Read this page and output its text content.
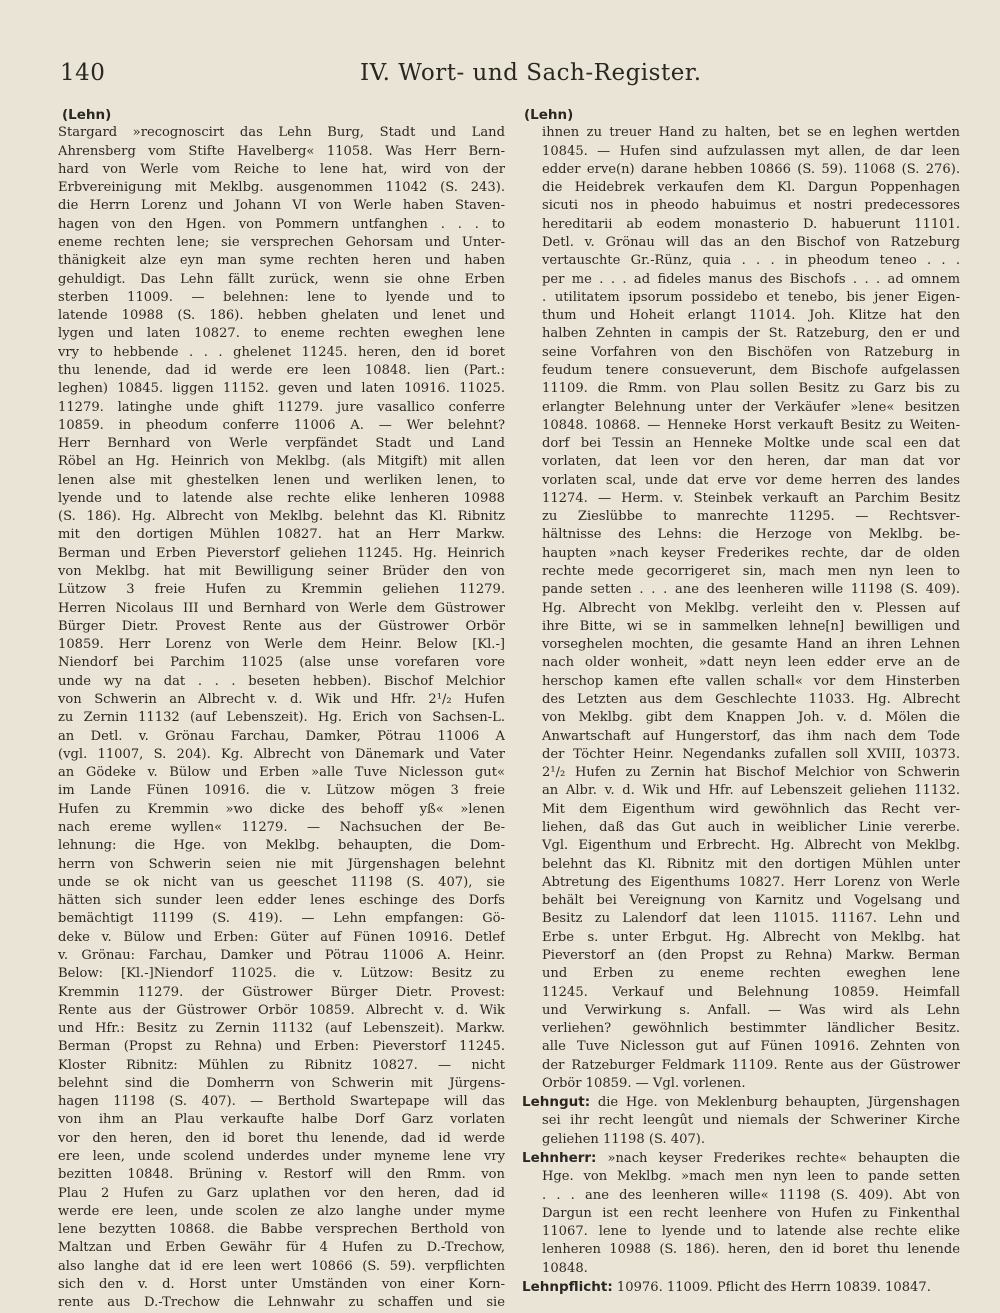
140	IV. Wort- und Sach-Register.
(Lehn)
Stargard »recognoscirt das Lehn Burg, Stadt und Land
Ahrensberg vom Stifte Havelberg« 11058. Was Herr Bern-
hard von Werle vom Reiche to lene hat, wird von der
Erbvereinigung mit Meklbg. ausgenommen 11042 (S. 243).
die Herrn Lorenz und Johann VI von Werle haben Staven-
hagen von den Hgen. von Pommern untfanghen . . . to
eneme rechten lene; sie versprechen Gehorsam und Unter-
thänigkeit alze eyn man syme rechten heren und haben
gehuldigt. Das Lehn fällt zurück, wenn sie ohne Erben
sterben 11009. — belehnen: lene to lyende und to
latende 10988 (S. 186). hebben ghelaten und lenet und
lygen und laten 10827. to eneme rechten eweghen lene
vry to hebbende . . . ghelenet 11245. heren, den id boret
thu lenende, dad id werde ere leen 10848. lien (Part.:
leghen) 10845. liggen 11152. geven und laten 10916. 11025.
11279. latinghe unde ghift 11279. jure vasallico conferre
10859. in pheodum conferre 11006 A. — Wer belehnt?
Herr Bernhard von Werle verpfändet Stadt und Land
Röbel an Hg. Heinrich von Meklbg. (als Mitgift) mit allen
lenen alse mit ghestelken lenen und werliken lenen, to
lyende und to latende alse rechte elike lenheren 10988
(S. 186). Hg. Albrecht von Meklbg. belehnt das Kl. Ribnitz
mit den dortigen Mühlen 10827. hat an Herr Markw.
Berman und Erben Pieverstorf geliehen 11245. Hg. Heinrich
von Meklbg. hat mit Bewilligung seiner Brüder den von
Lützow 3 freie Hufen zu Kremmin geliehen 11279.
Herren Nicolaus III und Bernhard von Werle dem Güstrower
Bürger Dietr. Provest Rente aus der Güstrower Orbör
10859. Herr Lorenz von Werle dem Heinr. Below [Kl.-]
Niendorf bei Parchim 11025 (alse unse vorefaren vore
unde wy na dat . . . beseten hebben). Bischof Melchior
von Schwerin an Albrecht v. d. Wik und Hfr. 2¹/₂ Hufen
zu Zernin 11132 (auf Lebenszeit). Hg. Erich von Sachsen-L.
an Detl. v. Grönau Farchau, Damker, Pötrau 11006 A
(vgl. 11007, S. 204). Kg. Albrecht von Dänemark und Vater
an Gödeke v. Bülow und Erben »alle Tuve Niclesson gut«
im Lande Fünen 10916. die v. Lützow mögen 3 freie
Hufen zu Kremmin »wo dicke des behoff yß« »lenen
nach ereme wyllen« 11279. — Nachsuchen der Be-
lehnung: die Hge. von Meklbg. behaupten, die Dom-
herrn von Schwerin seien nie mit Jürgenshagen belehnt
unde se ok nicht van us geeschet 11198 (S. 407), sie
hätten sich sunder leen edder lenes eschinge des Dorfs
bemächtigt 11199 (S. 419). — Lehn empfangen: Gö-
deke v. Bülow und Erben: Güter auf Fünen 10916. Detlef
v. Grönau: Farchau, Damker und Pötrau 11006 A. Heinr.
Below: [Kl.-]Niendorf 11025. die v. Lützow: Besitz zu
Kremmin 11279. der Güstrower Bürger Dietr. Provest:
Rente aus der Güstrower Orbör 10859. Albrecht v. d. Wik
und Hfr.: Besitz zu Zernin 11132 (auf Lebenszeit). Markw.
Berman (Propst zu Rehna) und Erben: Pieverstorf 11245.
Kloster Ribnitz: Mühlen zu Ribnitz 10827. — nicht
belehnt sind die Domherrn von Schwerin mit Jürgens-
hagen 11198 (S. 407). — Berthold Swartepape will das
von ihm an Plau verkaufte halbe Dorf Garz vorlaten
vor den heren, den id boret thu lenende, dad id werde
ere leen, unde scolend underdes under myneme lene vry
bezitten 10848. Brüning v. Restorf will den Rmm. von
Plau 2 Hufen zu Garz uplathen vor den heren, dad id
werde ere leen, unde scolen ze alzo langhe under myme
lene bezytten 10868. die Babbe versprechen Berthold von
Maltzan und Erben Gewähr für 4 Hufen zu D.-Trechow,
also langhe dat id ere leen wert 10866 (S. 59). verpflichten
sich den v. d. Horst unter Umständen von einer Korn-
rente aus D.-Trechow die Lehnwahr zu schaffen und sie
(Lehn)
ihnen zu treuer Hand zu halten, bet se en leghen wertden
10845. — Hufen sind aufzulassen myt allen, de dar leen
edder erve(n) darane hebben 10866 (S. 59). 11068 (S. 276).
die Heidebrek verkaufen dem Kl. Dargun Poppenhagen
sicuti nos in pheodo habuimus et nostri predecessores
hereditarii ab eodem monasterio D. habuerunt 11101.
Detl. v. Grönau will das an den Bischof von Ratzeburg
vertauschte Gr.-Rünz, quia . . . in pheodum teneo . . .
per me . . . ad fideles manus des Bischofs . . . ad omnem
. utilitatem ipsorum possidebo et tenebo, bis jener Eigen-
thum und Hoheit erlangt 11014. Joh. Klitze hat den
halben Zehnten in campis der St. Ratzeburg, den er und
seine Vorfahren von den Bischöfen von Ratzeburg in
feudum tenere consueverunt, dem Bischofe aufgelassen
11109. die Rmm. von Plau sollen Besitz zu Garz bis zu
erlangter Belehnung unter der Verkäufer »lene« besitzen
10848. 10868. — Henneke Horst verkauft Besitz zu Weiten-
dorf bei Tessin an Henneke Moltke unde scal een dat
vorlaten, dat leen vor den heren, dar man dat vor
vorlaten scal, unde dat erve vor deme herren des landes
11274. — Herm. v. Steinbek verkauft an Parchim Besitz
zu Zieslübbe to manrechte 11295. — Rechtsver-
hältnisse des Lehns: die Herzoge von Meklbg. be-
haupten »nach keyser Frederikes rechte, dar de olden
rechte mede gecorrigeret sin, mach men nyn leen to
pande setten . . . ane des leenheren wille 11198 (S. 409).
Hg. Albrecht von Meklbg. verleiht den v. Plessen auf
ihre Bitte, wi se in sammelken lehne[n] bewilligen und
vorseghelen mochten, die gesamte Hand an ihren Lehnen
nach older wonheit, »datt neyn leen edder erve an de
herschop kamen efte vallen schall« vor dem Hinsterben
des Letzten aus dem Geschlechte 11033. Hg. Albrecht
von Meklbg. gibt dem Knappen Joh. v. d. Mölen die
Anwartschaft auf Hungerstorf, das ihm nach dem Tode
der Töchter Heinr. Negendanks zufallen soll XVIII, 10373.
2¹/₂ Hufen zu Zernin hat Bischof Melchior von Schwerin
an Albr. v. d. Wik und Hfr. auf Lebenszeit geliehen 11132.
Mit dem Eigenthum wird gewöhnlich das Recht ver-
liehen, daß das Gut auch in weiblicher Linie vererbe.
Vgl. Eigenthum und Erbrecht. Hg. Albrecht von Meklbg.
belehnt das Kl. Ribnitz mit den dortigen Mühlen unter
Abtretung des Eigenthums 10827. Herr Lorenz von Werle
behält bei Vereignung von Karnitz und Vogelsang und
Besitz zu Lalendorf dat leen 11015. 11167. Lehn und
Erbe s. unter Erbgut. Hg. Albrecht von Meklbg. hat
Pieverstorf an (den Propst zu Rehna) Markw. Berman
und Erben zu eneme rechten eweghen lene
11245. Verkauf und Belehnung 10859. Heimfall
und Verwirkung s. Anfall. — Was wird als Lehn
verliehen? gewöhnlich bestimmter ländlicher Besitz.
alle Tuve Niclesson gut auf Fünen 10916. Zehnten von
der Ratzeburger Feldmark 11109. Rente aus der Güstrower
Orbör 10859. — Vgl. vorlenen.
Lehngut: die Hge. von Meklenburg behaupten, Jürgenshagen
sei ihr recht leengût und niemals der Schweriner Kirche
geliehen 11198 (S. 407).
Lehnherr: »nach keyser Frederikes rechte« behaupten die
Hge. von Meklbg. »mach men nyn leen to pande setten
. . . ane des leenheren wille« 11198 (S. 409). Abt von
Dargun ist een recht leenhere von Hufen zu Finkenthal
11067. lene to lyende und to latende alse rechte elike
lenheren 10988 (S. 186). heren, den id boret thu lenende
10848.
Lehnpflicht: 10976. 11009. Pflicht des Herrn 10839. 10847.
